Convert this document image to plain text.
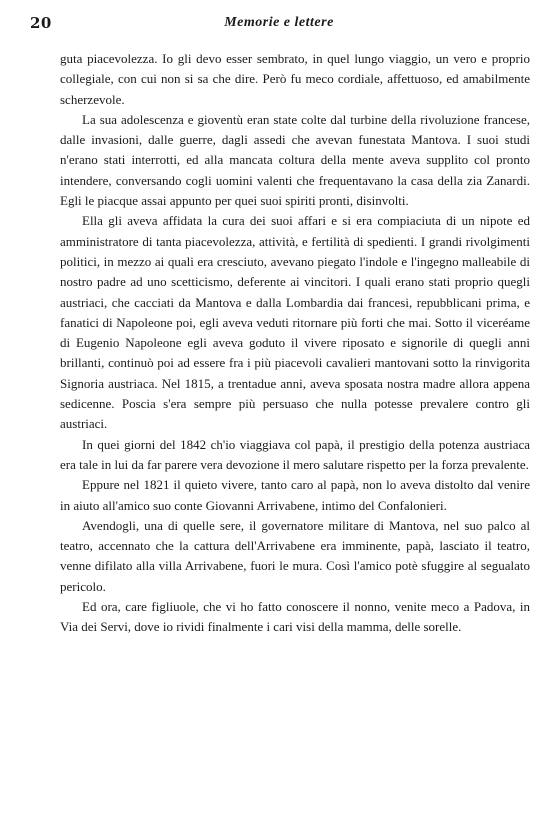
20	Memorie e lettere

guta piacevolezza. Io gli devo esser sembrato, in quel lungo viaggio, un vero e proprio collegiale, con cui non si sa che dire. Però fu meco cordiale, affettuoso, ed amabilmente scherzevole.

La sua adolescenza e gioventù eran state colte dal turbine della rivoluzione francese, dalle invasioni, dalle guerre, dagli assedi che avevan funestata Mantova. I suoi studi n'erano stati interrotti, ed alla mancata coltura della mente aveva supplito col pronto intendere, conversando cogli uomini valenti che frequentavano la casa della zia Zanardi. Egli le piacque assai appunto per quei suoi spiriti pronti, disinvolti.

Ella gli aveva affidata la cura dei suoi affari e si era compiaciuta di un nipote ed amministratore di tanta piacevolezza, attività, e fertilità di spedienti. I grandi rivolgimenti politici, in mezzo ai quali era cresciuto, avevano piegato l'indole e l'ingegno malleabile di nostro padre ad uno scetticismo, deferente ai vincitori. I quali erano stati proprio quegli austriaci, che cacciati da Mantova e dalla Lombardia dai francesi, repubblicani prima, e fanatici di Napoleone poi, egli aveva veduti ritornare più forti che mai. Sotto il viceréame di Eugenio Napoleone egli aveva goduto il vivere riposato e signorile di quegli anni brillanti, continuò poi ad essere fra i più piacevoli cavalieri mantovani sotto la rinvigorita Signoria austriaca. Nel 1815, a trentadue anni, aveva sposata nostra madre allora appena sedicenne. Poscia s'era sempre più persuaso che nulla potesse prevalere contro gli austriaci.

In quei giorni del 1842 ch'io viaggiava col papà, il prestigio della potenza austriaca era tale in lui da far parere vera devozione il mero salutare rispetto per la forza prevalente.

Eppure nel 1821 il quieto vivere, tanto caro al papà, non lo aveva distolto dal venire in aiuto all'amico suo conte Giovanni Arrivabene, intimo del Confalonieri.

Avendogli, una di quelle sere, il governatore militare di Mantova, nel suo palco al teatro, accennato che la cattura dell'Arrivabene era imminente, papà, lasciato il teatro, venne difilato alla villa Arrivabene, fuori le mura. Così l'amico potè sfuggire al segualato pericolo.

Ed ora, care figliuole, che vi ho fatto conoscere il nonno, venite meco a Padova, in Via dei Servi, dove io rividi finalmente i cari visi della mamma, delle sorelle.
